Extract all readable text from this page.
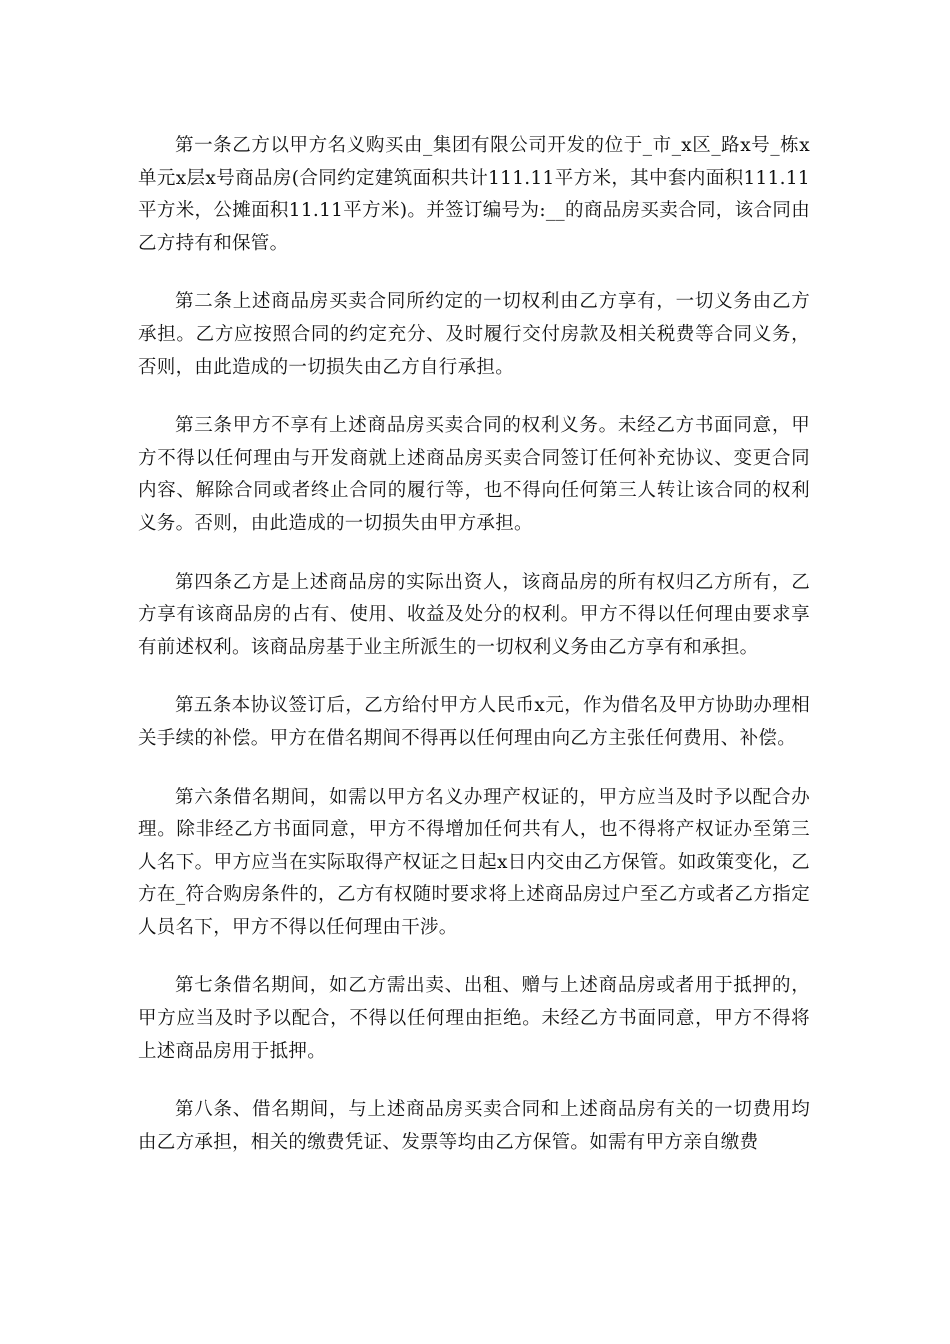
第一条乙方以甲方名义购买由_集团有限公司开发的位于_市_x区_路x号_栋x单元x层x号商品房(合同约定建筑面积共计111.11平方米，其中套内面积111.11平方米，公摊面积11.11平方米)。并签订编号为:__的商品房买卖合同，该合同由乙方持有和保管。

第二条上述商品房买卖合同所约定的一切权利由乙方享有，一切义务由乙方承担。乙方应按照合同的约定充分、及时履行交付房款及相关税费等合同义务，否则，由此造成的一切损失由乙方自行承担。

第三条甲方不享有上述商品房买卖合同的权利义务。未经乙方书面同意，甲方不得以任何理由与开发商就上述商品房买卖合同签订任何补充协议、变更合同内容、解除合同或者终止合同的履行等，也不得向任何第三人转让该合同的权利义务。否则，由此造成的一切损失由甲方承担。

第四条乙方是上述商品房的实际出资人，该商品房的所有权归乙方所有，乙方享有该商品房的占有、使用、收益及处分的权利。甲方不得以任何理由要求享有前述权利。该商品房基于业主所派生的一切权利义务由乙方享有和承担。

第五条本协议签订后，乙方给付甲方人民币x元，作为借名及甲方协助办理相关手续的补偿。甲方在借名期间不得再以任何理由向乙方主张任何费用、补偿。

第六条借名期间，如需以甲方名义办理产权证的，甲方应当及时予以配合办理。除非经乙方书面同意，甲方不得增加任何共有人，也不得将产权证办至第三人名下。甲方应当在实际取得产权证之日起x日内交由乙方保管。如政策变化，乙方在_符合购房条件的，乙方有权随时要求将上述商品房过户至乙方或者乙方指定人员名下，甲方不得以任何理由干涉。

第七条借名期间，如乙方需出卖、出租、赠与上述商品房或者用于抵押的，甲方应当及时予以配合，不得以任何理由拒绝。未经乙方书面同意，甲方不得将上述商品房用于抵押。

第八条、借名期间，与上述商品房买卖合同和上述商品房有关的一切费用均由乙方承担，相关的缴费凭证、发票等均由乙方保管。如需有甲方亲自缴费
